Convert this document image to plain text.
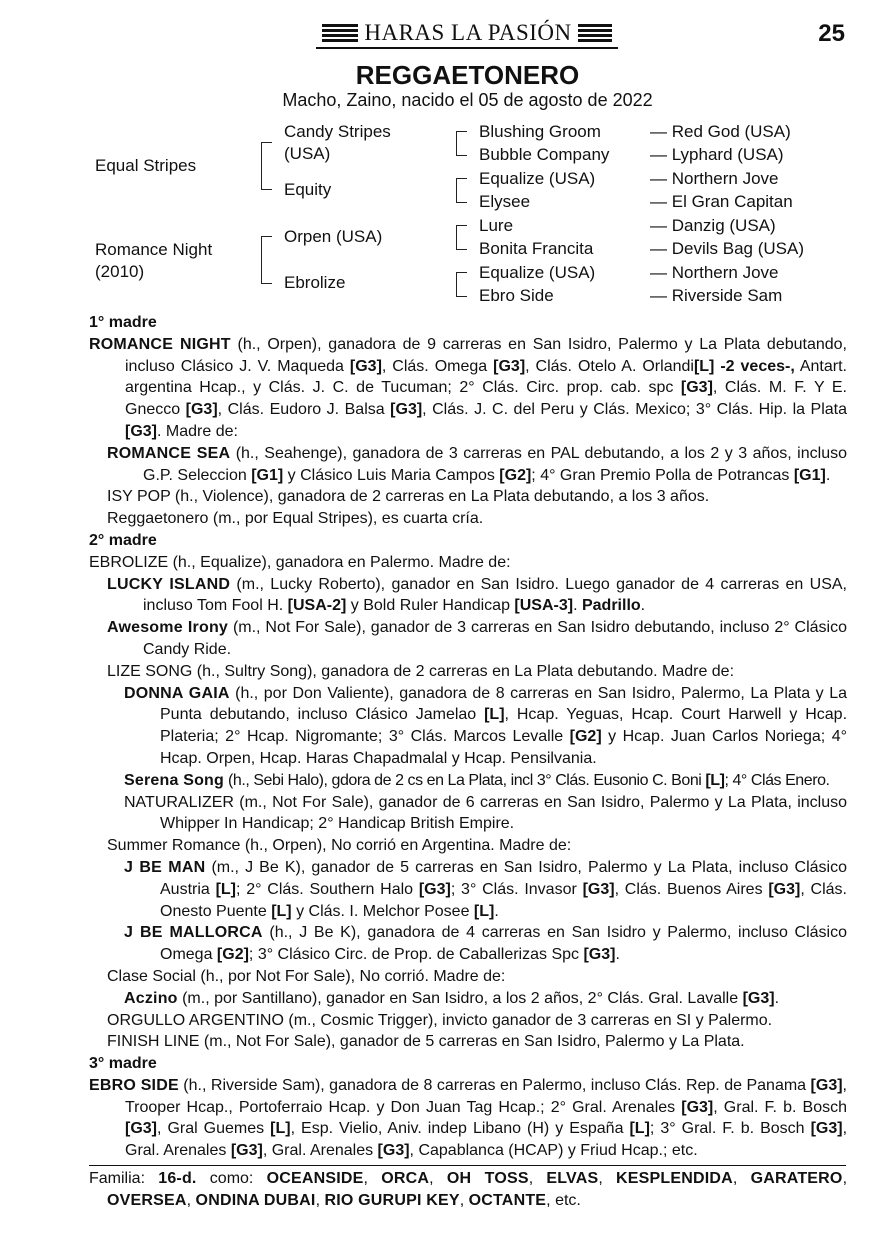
HARAS LA PASIÓN	25
REGGAETONERO
Macho, Zaino, nacido el 05 de agosto de 2022
Equal Stripes
Romance Night
(2010)
Candy Stripes
(USA)
Equity
Orpen (USA)
Ebrolize
Blushing Groom
Bubble Company
Equalize (USA)
Elysee
Lure
Bonita Francita
Equalize (USA)
Ebro Side
— Red God (USA)
— Lyphard (USA)
— Northern Jove
— El Gran Capitan
— Danzig (USA)
— Devils Bag (USA)
— Northern Jove
— Riverside Sam

1° madre

ROMANCE NIGHT (h., Orpen), ganadora de 9 carreras en San Isidro, Palermo y La Plata debutando, incluso Clásico J. V. Maqueda [G3], Clás. Omega [G3], Clás. Otelo A. Orlandi[L] -2 veces-, Antart. argentina Hcap., y Clás. J. C. de Tucuman; 2° Clás. Circ. prop. cab. spc [G3], Clás. M. F. Y E. Gnecco [G3], Clás. Eudoro J. Balsa [G3], Clás. J. C. del Peru y Clás. Mexico; 3° Clás. Hip. la Plata [G3]. Madre de:

ROMANCE SEA (h., Seahenge), ganadora de 3 carreras en PAL debutando, a los 2 y 3 años, incluso G.P. Seleccion [G1] y Clásico Luis Maria Campos [G2]; 4° Gran Premio Polla de Potrancas [G1].

ISY POP (h., Violence), ganadora de 2 carreras en La Plata debutando, a los 3 años.

Reggaetonero (m., por Equal Stripes), es cuarta cría.

2° madre

EBROLIZE (h., Equalize), ganadora en Palermo. Madre de:

LUCKY ISLAND (m., Lucky Roberto), ganador en San Isidro. Luego ganador de 4 carreras en USA, incluso Tom Fool H. [USA-2] y Bold Ruler Handicap [USA-3]. Padrillo.

Awesome Irony (m., Not For Sale), ganador de 3 carreras en San Isidro debutando, incluso 2° Clásico Candy Ride.

LIZE SONG (h., Sultry Song), ganadora de 2 carreras en La Plata debutando. Madre de:

DONNA GAIA (h., por Don Valiente), ganadora de 8 carreras en San Isidro, Palermo, La Plata y La Punta debutando, incluso Clásico Jamelao [L], Hcap. Yeguas, Hcap. Court Harwell y Hcap. Plateria; 2° Hcap. Nigromante; 3° Clás. Marcos Levalle [G2] y Hcap. Juan Carlos Noriega; 4° Hcap. Orpen, Hcap. Haras Chapadmalal y Hcap. Pensilvania.

Serena Song (h., Sebi Halo), gdora de 2 cs en La Plata, incl 3° Clás. Eusonio C. Boni [L]; 4° Clás Enero.

NATURALIZER (m., Not For Sale), ganador de 6 carreras en San Isidro, Palermo y La Plata, incluso Whipper In Handicap; 2° Handicap British Empire.

Summer Romance (h., Orpen), No corrió en Argentina. Madre de:

J BE MAN (m., J Be K), ganador de 5 carreras en San Isidro, Palermo y La Plata, incluso Clásico Austria [L]; 2° Clás. Southern Halo [G3]; 3° Clás. Invasor [G3], Clás. Buenos Aires [G3], Clás. Onesto Puente [L] y Clás. I. Melchor Posee [L].

J BE MALLORCA (h., J Be K), ganadora de 4 carreras en San Isidro y Palermo, incluso Clásico Omega [G2]; 3° Clásico Circ. de Prop. de Caballerizas Spc [G3].

Clase Social (h., por Not For Sale), No corrió. Madre de:

Aczino (m., por Santillano), ganador en San Isidro, a los 2 años, 2° Clás. Gral. Lavalle [G3].

ORGULLO ARGENTINO (m., Cosmic Trigger), invicto ganador de 3 carreras en SI y Palermo.

FINISH LINE (m., Not For Sale), ganador de 5 carreras en San Isidro, Palermo y La Plata.

3° madre

EBRO SIDE (h., Riverside Sam), ganadora de 8 carreras en Palermo, incluso Clás. Rep. de Panama [G3], Trooper Hcap., Portoferraio Hcap. y Don Juan Tag Hcap.; 2° Gral. Arenales [G3], Gral. F. b. Bosch [G3], Gral Guemes [L], Esp. Vielio, Aniv. indep Libano (H) y España [L]; 3° Gral. F. b. Bosch [G3], Gral. Arenales [G3], Gral. Arenales [G3], Capablanca (HCAP) y Friud Hcap.; etc.

Familia: 16-d. como: OCEANSIDE, ORCA, OH TOSS, ELVAS, KESPLENDIDA, GARATERO, OVERSEA, ONDINA DUBAI, RIO GURUPI KEY, OCTANTE, etc.
